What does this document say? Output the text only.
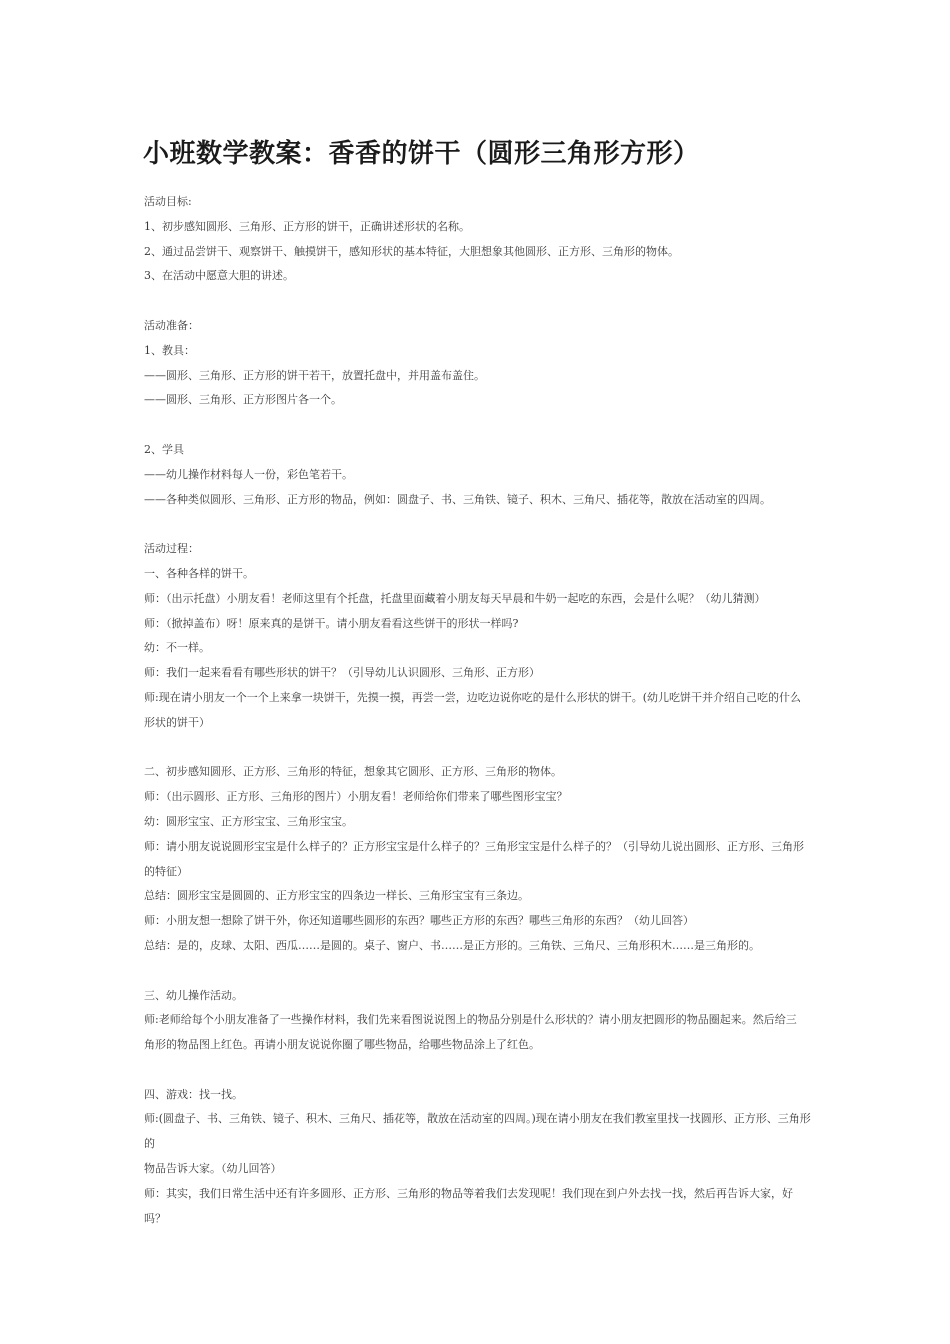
小班数学教案：香香的饼干（圆形三角形方形）
活动目标:
1、初步感知圆形、三角形、正方形的饼干，正确讲述形状的名称。
2、通过品尝饼干、观察饼干、触摸饼干，感知形状的基本特征，大胆想象其他圆形、正方形、三角形的物体。
3、在活动中愿意大胆的讲述。
活动准备：
1、教具：
——圆形、三角形、正方形的饼干若干，放置托盘中，并用盖布盖住。
——圆形、三角形、正方形图片各一个。
2、学具
——幼儿操作材料每人一份，彩色笔若干。
——各种类似圆形、三角形、正方形的物品，例如：圆盘子、书、三角铁、镜子、积木、三角尺、插花等，散放在活动室的四周。
活动过程：
一、各种各样的饼干。
师：（出示托盘）小朋友看！老师这里有个托盘，托盘里面藏着小朋友每天早晨和牛奶一起吃的东西，会是什么呢？（幼儿猜测）
师：（掀掉盖布）呀！原来真的是饼干。请小朋友看看这些饼干的形状一样吗?
幼：不一样。
师：我们一起来看看有哪些形状的饼干？（引导幼儿认识圆形、三角形、正方形）
师:现在请小朋友一个一个上来拿一块饼干，先摸一摸，再尝一尝，边吃边说你吃的是什么形状的饼干。(幼儿吃饼干并介绍自己吃的什么
形状的饼干）
二、初步感知圆形、正方形、三角形的特征，想象其它圆形、正方形、三角形的物体。
师：（出示圆形、正方形、三角形的图片）小朋友看！老师给你们带来了哪些图形宝宝？
幼：圆形宝宝、正方形宝宝、三角形宝宝。
师：请小朋友说说圆形宝宝是什么样子的？正方形宝宝是什么样子的？三角形宝宝是什么样子的？（引导幼儿说出圆形、正方形、三角形
的特征）
总结：圆形宝宝是圆圆的、正方形宝宝的四条边一样长、三角形宝宝有三条边。
师：小朋友想一想除了饼干外，你还知道哪些圆形的东西？哪些正方形的东西？哪些三角形的东西？（幼儿回答）
总结：是的，皮球、太阳、西瓜……是圆的。桌子、窗户、书……是正方形的。三角铁、三角尺、三角形积木……是三角形的。
三、幼儿操作活动。
师:老师给每个小朋友准备了一些操作材料，我们先来看图说说图上的物品分别是什么形状的？请小朋友把圆形的物品圈起来。然后给三
角形的物品图上红色。再请小朋友说说你圈了哪些物品，给哪些物品涂上了红色。
四、游戏：找一找。
师:(圆盘子、书、三角铁、镜子、积木、三角尺、插花等，散放在活动室的四周。)现在请小朋友在我们教室里找一找圆形、正方形、三角形的
物品告诉大家。（幼儿回答）
师：其实，我们日常生活中还有许多圆形、正方形、三角形的物品等着我们去发现呢！我们现在到户外去找一找，然后再告诉大家，好吗？
